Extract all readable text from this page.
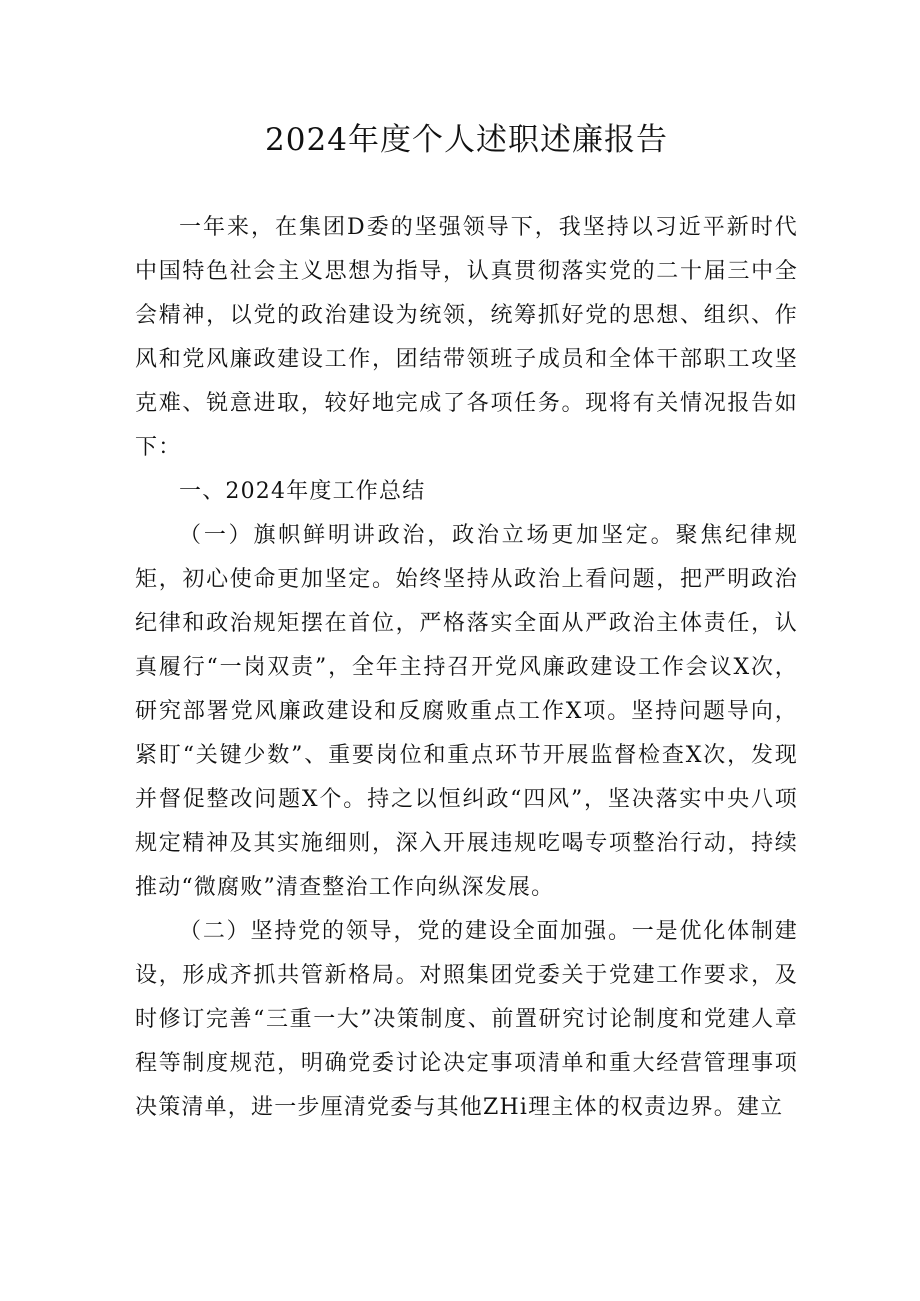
2024年度个人述职述廉报告

一年来，在集团D委的坚强领导下，我坚持以习近平新时代中国特色社会主义思想为指导，认真贯彻落实党的二十届三中全会精神，以党的政治建设为统领，统筹抓好党的思想、组织、作风和党风廉政建设工作，团结带领班子成员和全体干部职工攻坚克难、锐意进取，较好地完成了各项任务。现将有关情况报告如下：

一、2024年度工作总结

（一）旗帜鲜明讲政治，政治立场更加坚定。聚焦纪律规矩，初心使命更加坚定。始终坚持从政治上看问题，把严明政治纪律和政治规矩摆在首位，严格落实全面从严政治主体责任，认真履行“一岗双责”，全年主持召开党风廉政建设工作会议X次，研究部署党风廉政建设和反腐败重点工作X项。坚持问题导向，紧盯“关键少数”、重要岗位和重点环节开展监督检查X次，发现并督促整改问题X个。持之以恒纠政“四风”，坚决落实中央八项规定精神及其实施细则，深入开展违规吃喝专项整治行动，持续推动“微腐败”清查整治工作向纵深发展。

（二）坚持党的领导，党的建设全面加强。一是优化体制建设，形成齐抓共管新格局。对照集团党委关于党建工作要求，及时修订完善“三重一大”决策制度、前置研究讨论制度和党建人章程等制度规范，明确党委讨论决定事项清单和重大经营管理事项决策清单，进一步厘清党委与其他ZHi理主体的权责边界。建立
